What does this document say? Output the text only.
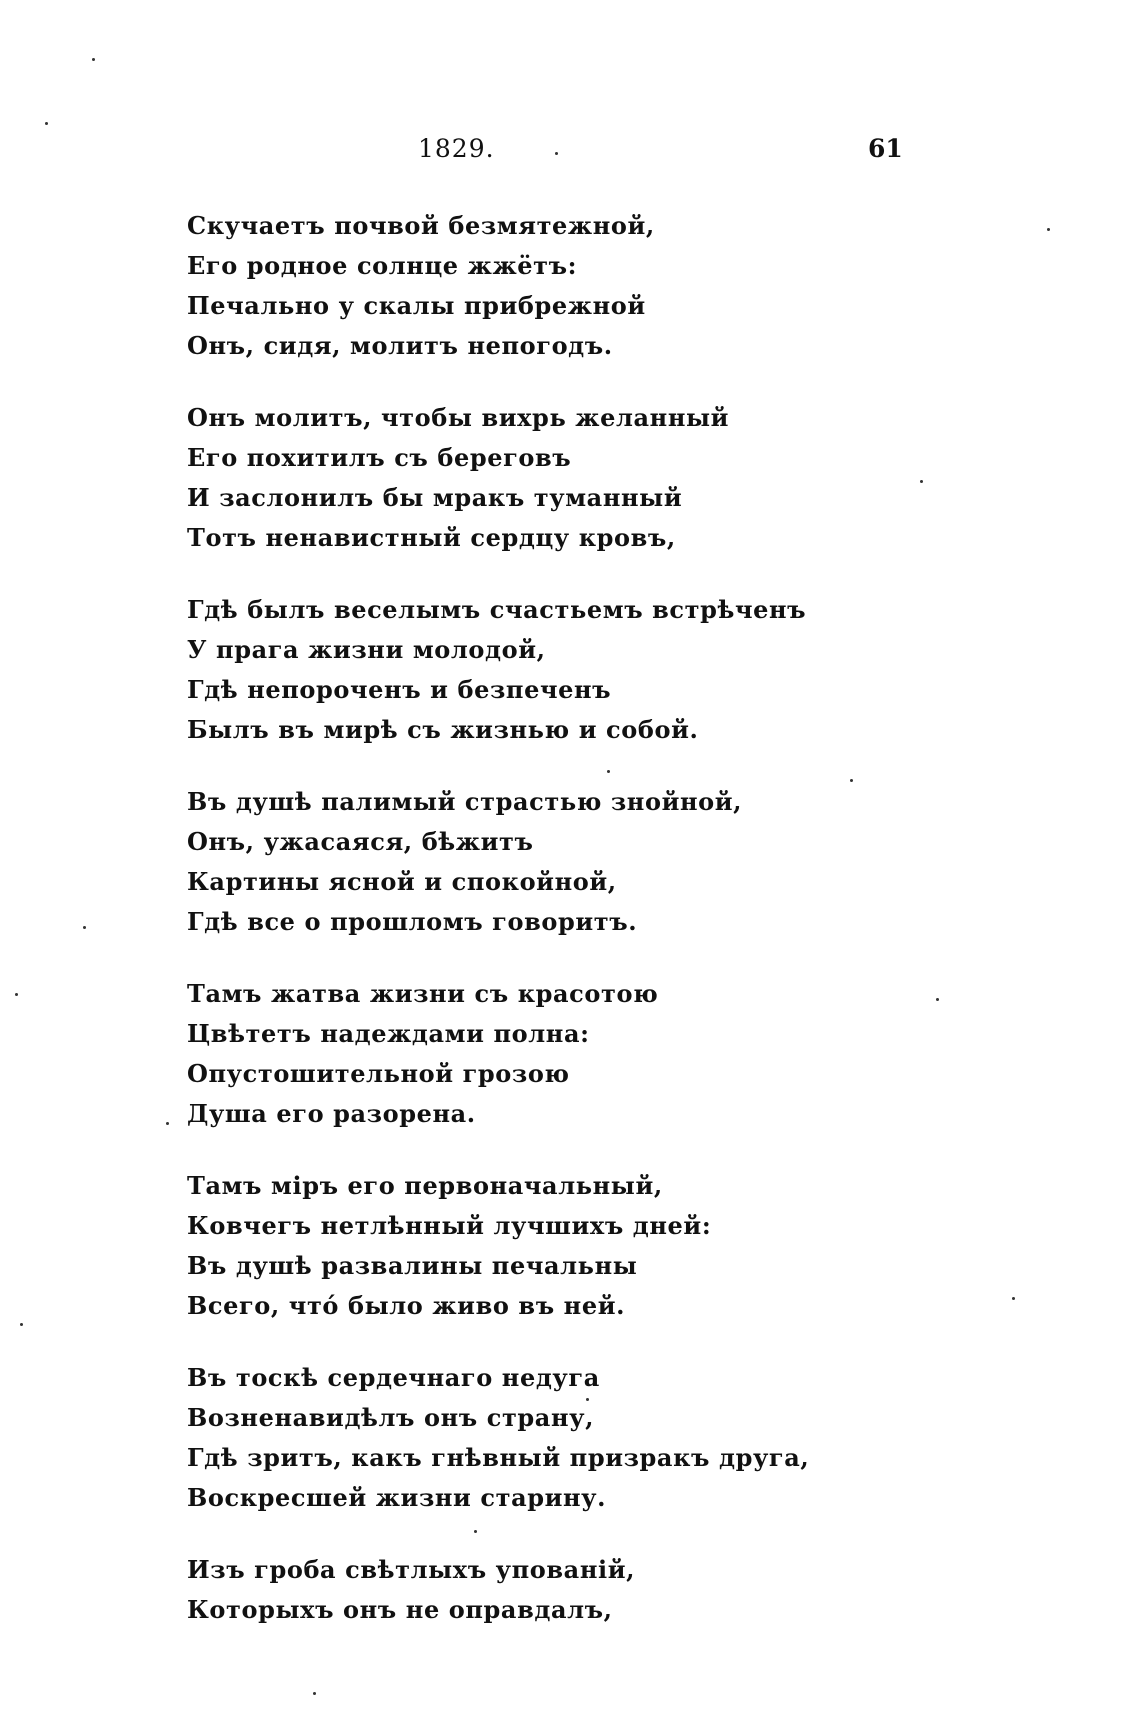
1829.	61
Скучаетъ почвой безмятежной,
Его родное солнце жжётъ:
Печально у скалы прибрежной
Онъ, сидя, молитъ непогодъ.
Онъ молитъ, чтобы вихрь желанный
Его похитилъ съ береговъ
И заслонилъ бы мракъ туманный
Тотъ ненавистный сердцу кровъ,
Гдѣ былъ веселымъ счастьемъ встрѣченъ
У прага жизни молодой,
Гдѣ непороченъ и безпеченъ
Былъ въ мирѣ съ жизнью и собой.
Въ душѣ палимый страстью знойной,
Онъ, ужасаяся, бѣжитъ
Картины ясной и спокойной,
Гдѣ все о прошломъ говоритъ.
Тамъ жатва жизни съ красотою
Цвѣтетъ надеждами полна:
Опустошительной грозою
Душа его разорена.
Тамъ міръ его первоначальный,
Ковчегъ нетлѣнный лучшихъ дней:
Въ душѣ развалины печальны
Всего, чтó было живо въ ней.
Въ тоскѣ сердечнаго недуга
Возненавидѣлъ онъ страну,
Гдѣ зритъ, какъ гнѣвный призракъ друга,
Воскресшей жизни старину.
Изъ гроба свѣтлыхъ упованій,
Которыхъ онъ не оправдалъ,
